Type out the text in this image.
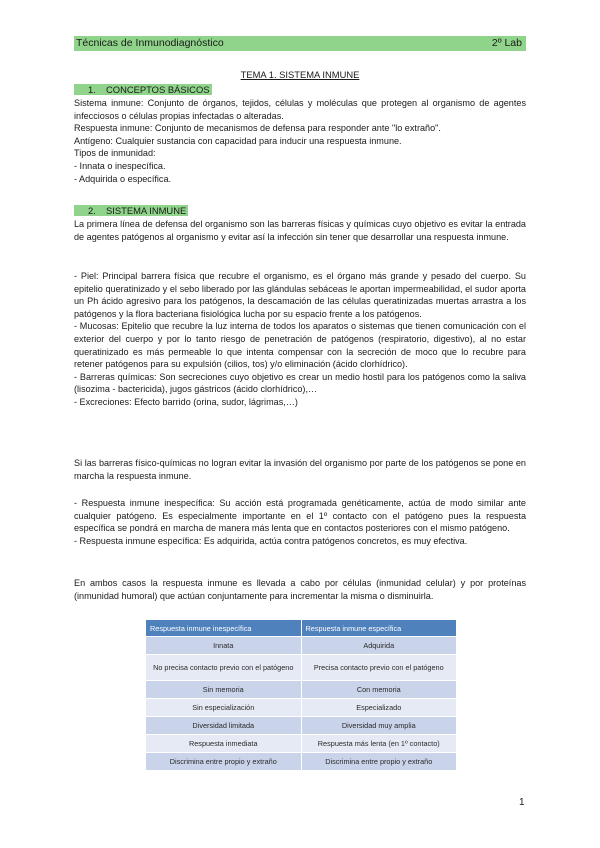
Técnicas de Inmunodiagnóstico	2º Lab
TEMA 1. SISTEMA INMUNE
1. CONCEPTOS BÁSICOS
Sistema inmune: Conjunto de órganos, tejidos, células y moléculas que protegen al organismo de agentes infecciosos o células propias infectadas o alteradas.
Respuesta inmune: Conjunto de mecanismos de defensa para responder ante "lo extraño".
Antígeno: Cualquier sustancia con capacidad para inducir una respuesta inmune.
Tipos de inmunidad:
- Innata o inespecífica.
- Adquirida o específica.
2. SISTEMA INMUNE
La primera línea de defensa del organismo son las barreras físicas y químicas cuyo objetivo es evitar la entrada de agentes patógenos al organismo y evitar así la infección sin tener que desarrollar una respuesta inmune.
- Piel: Principal barrera física que recubre el organismo, es el órgano más grande y pesado del cuerpo. Su epitelio queratinizado y el sebo liberado por las glándulas sebáceas le aportan impermeabilidad, el sudor aporta un Ph ácido agresivo para los patógenos, la descamación de las células queratinizadas muertas arrastra a los patógenos y la flora bacteriana fisiológica lucha por su espacio frente a los patógenos.
- Mucosas: Epitelio que recubre la luz interna de todos los aparatos o sistemas que tienen comunicación con el exterior del cuerpo y por lo tanto riesgo de penetración de patógenos (respiratorio, digestivo), al no estar queratinizado es más permeable lo que intenta compensar con la secreción de moco que lo recubre para retener patógenos para su expulsión (cilios, tos) y/o eliminación (ácido clorhídrico).
- Barreras químicas: Son secreciones cuyo objetivo es crear un medio hostil para los patógenos como la saliva (lisozima - bactericida), jugos gástricos (ácido clorhídrico),…
- Excreciones: Efecto barrido (orina, sudor, lágrimas,…)
Si las barreras físico-químicas no logran evitar la invasión del organismo por parte de los patógenos se pone en marcha la respuesta inmune.
- Respuesta inmune inespecífica: Su acción está programada genéticamente, actúa de modo similar ante cualquier patógeno. Es especialmente importante en el 1º contacto con el patógeno pues la respuesta específica se pondrá en marcha de manera más lenta que en contactos posteriores con el mismo patógeno.
- Respuesta inmune específica: Es adquirida, actúa contra patógenos concretos, es muy efectiva.
En ambos casos la respuesta inmune es llevada a cabo por células (inmunidad celular) y por proteínas (inmunidad humoral) que actúan conjuntamente para incrementar la misma o disminuirla.
Respuesta inmune inespecífica	Respuesta inmune específica
Innata	Adquirida
No precisa contacto previo con el patógeno	Precisa contacto previo con el patógeno
Sin memoria	Con memoria
Sin especialización	Especializado
Diversidad limitada	Diversidad muy amplia
Respuesta inmediata	Respuesta más lenta (en 1º contacto)
Discrimina entre propio y extraño	Discrimina entre propio y extraño
1
